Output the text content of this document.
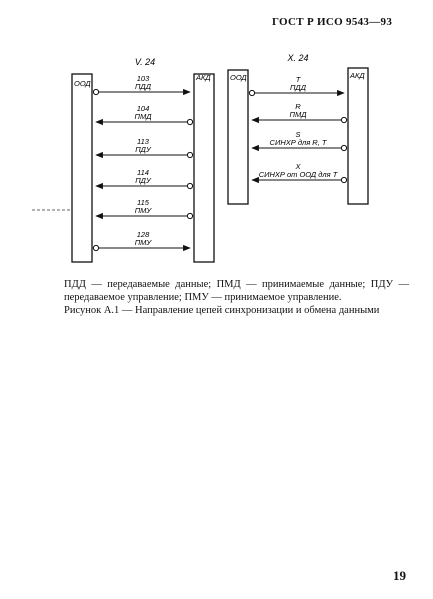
ГОСТ Р ИСО 9543—93
V. 24
ООД
АКД
103
ПДД
104
ПМД
113
ПДУ
114
ПДУ
115
ПМУ
128
ПМУ
X. 24
ООД	АКД
T
ПДД
R
ПМД
S
СИНХР для R, T
X
СИНХР от ООД для T
ПДД — передаваемые данные; ПМД — принимаемые данные; ПДУ — передаваемое управление; ПМУ — принимаемое управление.
Рисунок А.1 — Направление цепей синхронизации и обмена данными
19
